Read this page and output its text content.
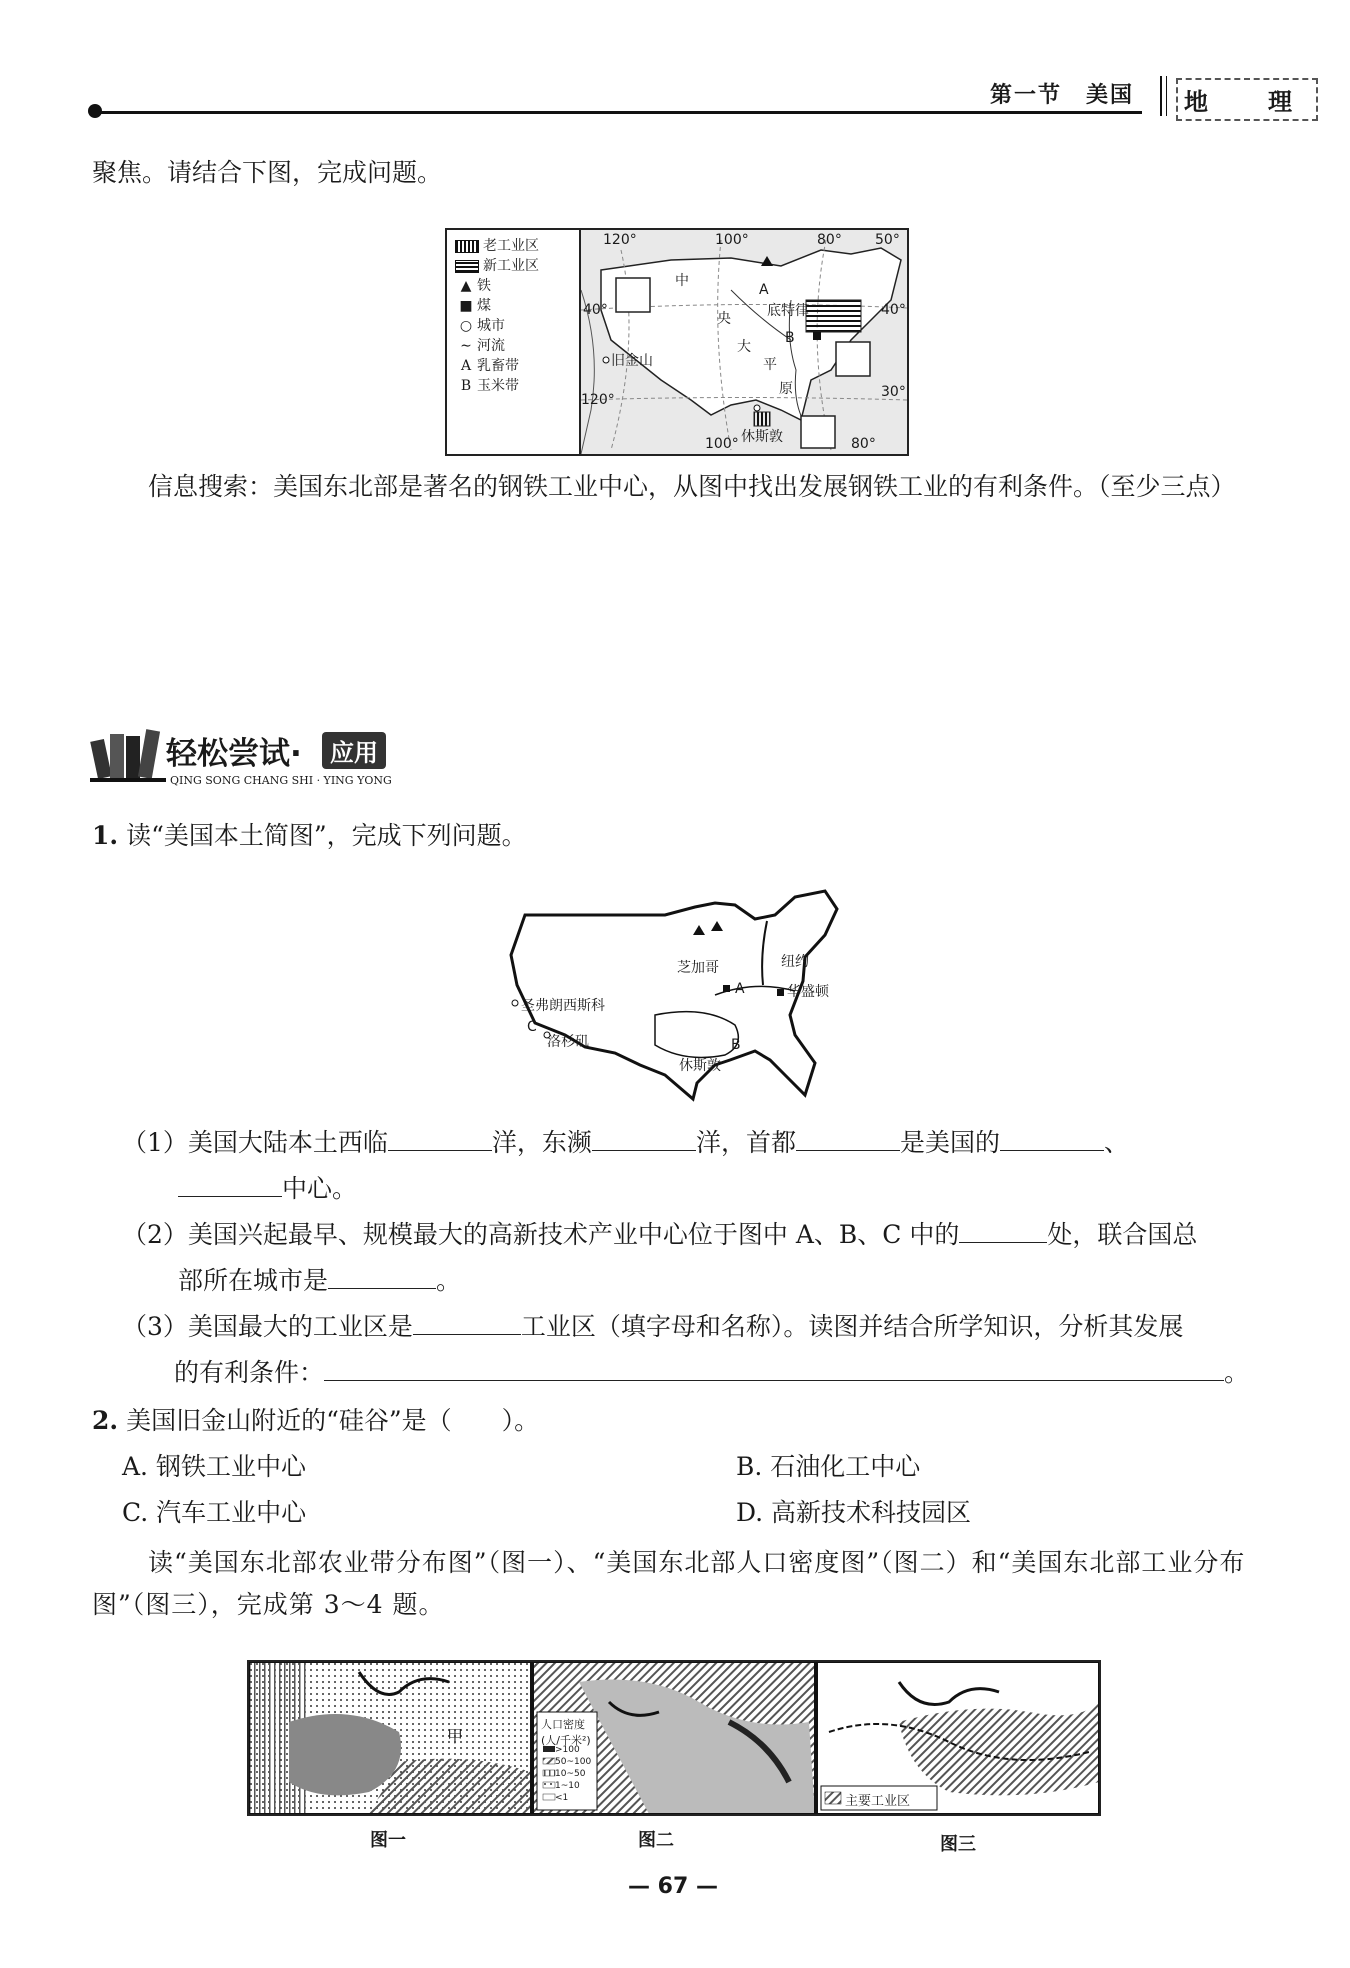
第一节　美国	地　理
聚焦。请结合下图，完成问题。
老工业区
新工业区
▲ 铁
■ 煤
○ 城市
∼ 河流
A 乳畜带
B 玉米带
120°	100°	80° 50°
120°
100°	80°
40°	40°
30°
中
央
大
平
原
底特律
旧金山
休斯敦
A
B
信息搜索：美国东北部是著名的钢铁工业中心，从图中找出发展钢铁工业的有利条件。（至少三点）
轻松尝试·	应用
QING SONG CHANG SHI · YING YONG
1. 读“美国本土简图”，完成下列问题。
芝加哥	纽约
A	华盛顿
圣弗朗西斯科
C
洛杉矶	B
休斯敦
（1）美国大陆本土西临	洋，东濒	洋，首都	是美国的	、
中心。
（2）美国兴起最早、规模最大的高新技术产业中心位于图中 A、B、C 中的	处，联合国总
部所在城市是	。
（3）美国最大的工业区是	工业区（填字母和名称）。读图并结合所学知识，分析其发展
的有利条件：	。
2. 美国旧金山附近的“硅谷”是（　　）。
A. 钢铁工业中心	B. 石油化工中心
C. 汽车工业中心	D. 高新技术科技园区
读“美国东北部农业带分布图”（图一）、“美国东北部人口密度图”（图二）和“美国东北部工业分布图”（图三），完成第 3～4 题。
甲
人口密度
(人/千米²)
>100
50~100
10~50
1~10
<1	主要工业区
图一	图二	图三
— 67 —
